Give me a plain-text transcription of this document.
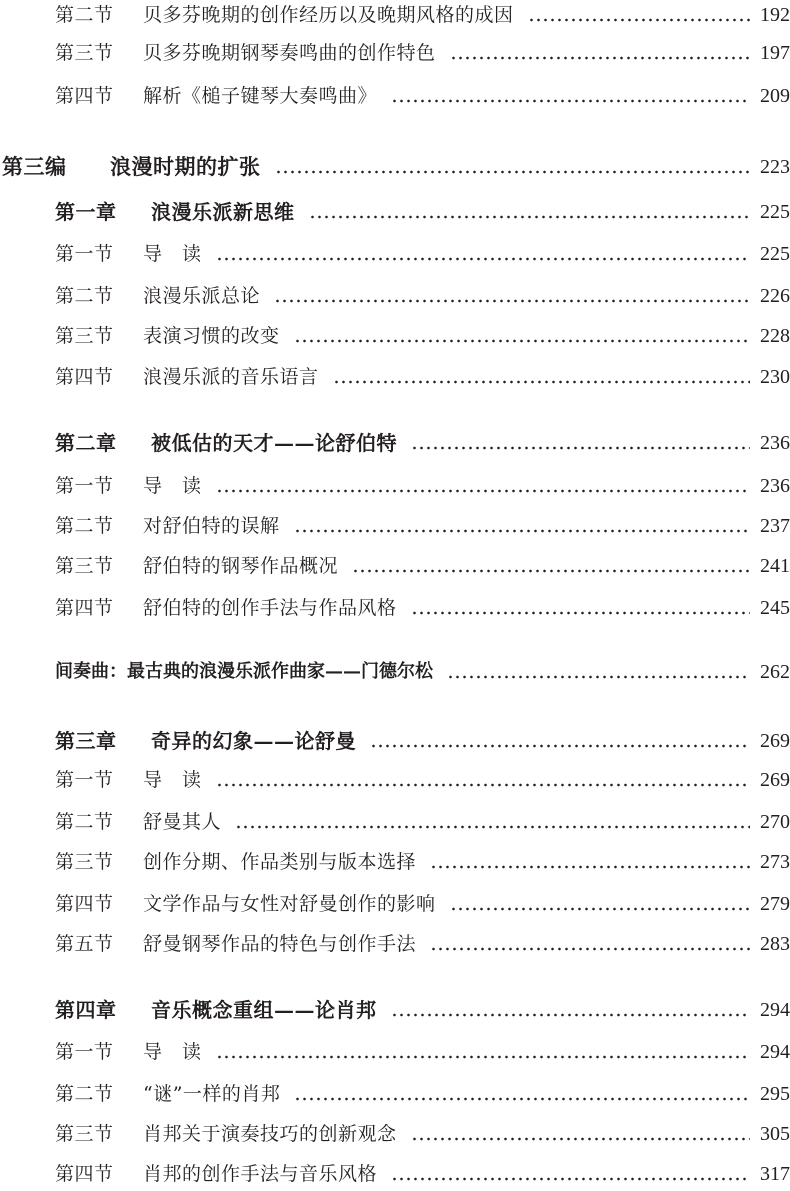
第二节 贝多芬晚期的创作经历以及晚期风格的成因	192
第三节 贝多芬晚期钢琴奏鸣曲的创作特色	197
第四节 解析《槌子键琴大奏鸣曲》	209
第三编 浪漫时期的扩张	223
第一章 浪漫乐派新思维	225
第一节 导　读	225
第二节 浪漫乐派总论	226
第三节 表演习惯的改变	228
第四节 浪漫乐派的音乐语言	230
第二章 被低估的天才——论舒伯特	236
第一节 导　读	236
第二节 对舒伯特的误解	237
第三节 舒伯特的钢琴作品概况	241
第四节 舒伯特的创作手法与作品风格	245
间奏曲：最古典的浪漫乐派作曲家——门德尔松	262
第三章 奇异的幻象——论舒曼	269
第一节 导　读	269
第二节 舒曼其人	270
第三节 创作分期、作品类别与版本选择	273
第四节 文学作品与女性对舒曼创作的影响	279
第五节 舒曼钢琴作品的特色与创作手法	283
第四章 音乐概念重组——论肖邦	294
第一节 导　读	294
第二节 “谜”一样的肖邦	295
第三节 肖邦关于演奏技巧的创新观念	305
第四节 肖邦的创作手法与音乐风格	317
